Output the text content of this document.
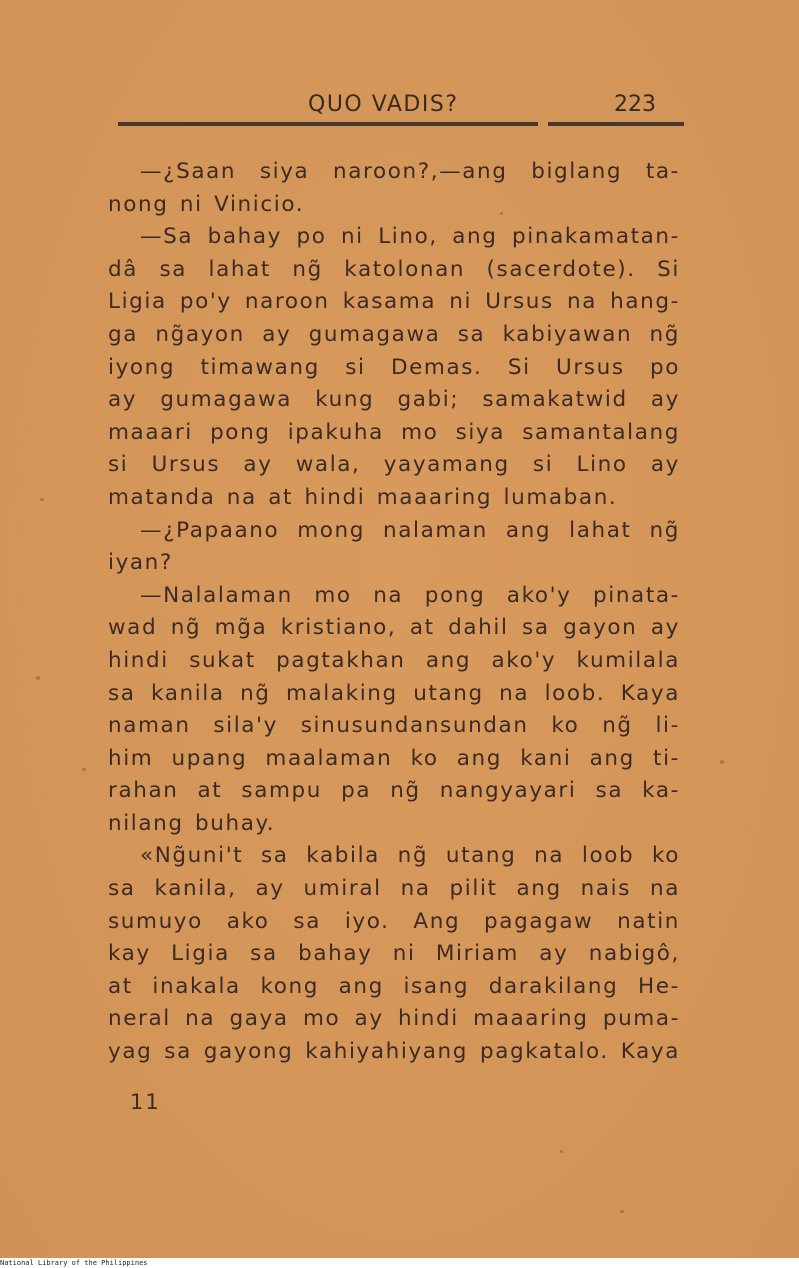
QUO VADIS?	223
—¿Saan siya naroon?,—ang biglang ta-
nong ni Vinicio.
—Sa bahay po ni Lino, ang pinakamatan-
dâ sa lahat ng̃ katolonan (sacerdote). Si
Ligia po'y naroon kasama ni Ursus na hang-
ga ng̃ayon ay gumagawa sa kabiyawan ng̃
iyong timawang si Demas. Si Ursus po
ay gumagawa kung gabi; samakatwid ay
maaari pong ipakuha mo siya samantalang
si Ursus ay wala, yayamang si Lino ay
matanda na at hindi maaaring lumaban.
—¿Papaano mong nalaman ang lahat ng̃
iyan?
—Nalalaman mo na pong ako'y pinata-
wad ng̃ mg̃a kristiano, at dahil sa gayon ay
hindi sukat pagtakhan ang ako'y kumilala
sa kanila ng̃ malaking utang na loob. Kaya
naman sila'y sinusundansundan ko ng̃ li-
him upang maalaman ko ang kani ang ti-
rahan at sampu pa ng̃ nangyayari sa ka-
nilang buhay.
«Ng̃uni't sa kabila ng̃ utang na loob ko
sa kanila, ay umiral na pilit ang nais na
sumuyo ako sa iyo. Ang pagagaw natin
kay Ligia sa bahay ni Miriam ay nabigô,
at inakala kong ang isang darakilang He-
neral na gaya mo ay hindi maaaring puma-
yag sa gayong kahiyahiyang pagkatalo. Kaya
11
National Library of the Philippines
